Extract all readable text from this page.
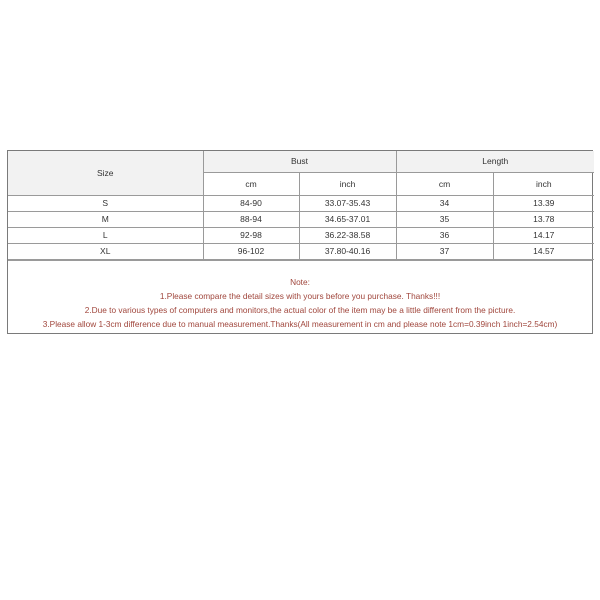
Size	Bust		Length	
	cm	inch	cm	inch
S	84-90	33.07-35.43	34	13.39
M	88-94	34.65-37.01	35	13.78
L	92-98	36.22-38.58	36	14.17
XL	96-102	37.80-40.16	37	14.57
Note:
1.Please compare the detail sizes with yours before you purchase. Thanks!!!
2.Due to various types of computers and monitors,the actual color of the item may be a little different from the picture.
3.Please allow 1-3cm difference due to manual measurement.Thanks(All measurement in cm and please note 1cm=0.39inch 1inch=2.54cm)
